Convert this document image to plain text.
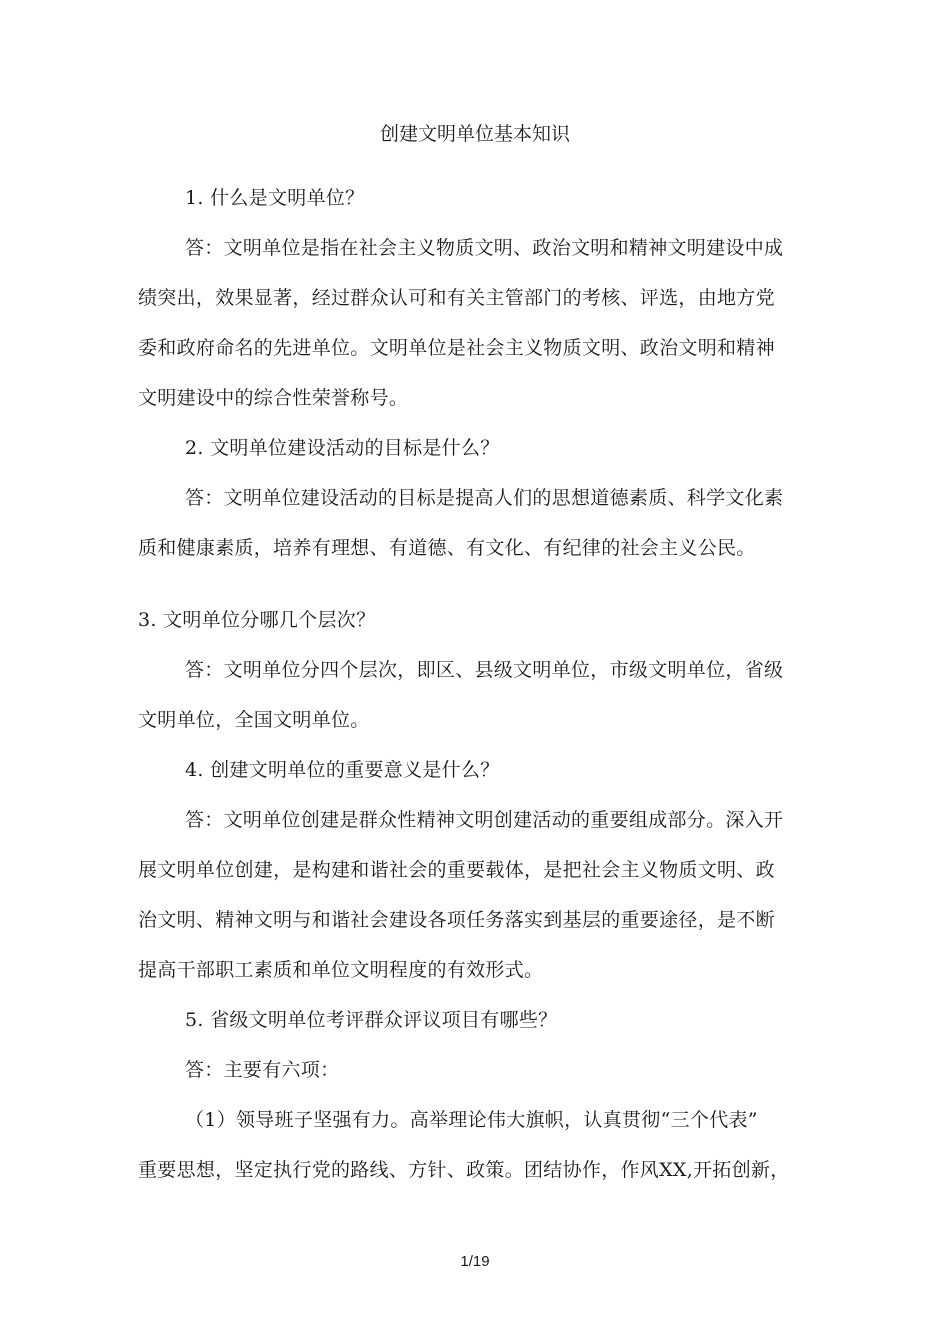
创建文明单位基本知识
1. 什么是文明单位？
答：文明单位是指在社会主义物质文明、政治文明和精神文明建设中成
绩突出，效果显著，经过群众认可和有关主管部门的考核、评选，由地方党
委和政府命名的先进单位。文明单位是社会主义物质文明、政治文明和精神
文明建设中的综合性荣誉称号。
2. 文明单位建设活动的目标是什么？
答：文明单位建设活动的目标是提高人们的思想道德素质、科学文化素
质和健康素质，培养有理想、有道德、有文化、有纪律的社会主义公民。
3. 文明单位分哪几个层次？
答：文明单位分四个层次，即区、县级文明单位，市级文明单位，省级
文明单位，全国文明单位。
4. 创建文明单位的重要意义是什么？
答：文明单位创建是群众性精神文明创建活动的重要组成部分。深入开
展文明单位创建，是构建和谐社会的重要载体，是把社会主义物质文明、政
治文明、精神文明与和谐社会建设各项任务落实到基层的重要途径，是不断
提高干部职工素质和单位文明程度的有效形式。
5. 省级文明单位考评群众评议项目有哪些？
答：主要有六项：
（1）领导班子坚强有力。高举理论伟大旗帜，认真贯彻“三个代表”
重要思想，坚定执行党的路线、方针、政策。团结协作，作风XX,开拓创新，
1/19
